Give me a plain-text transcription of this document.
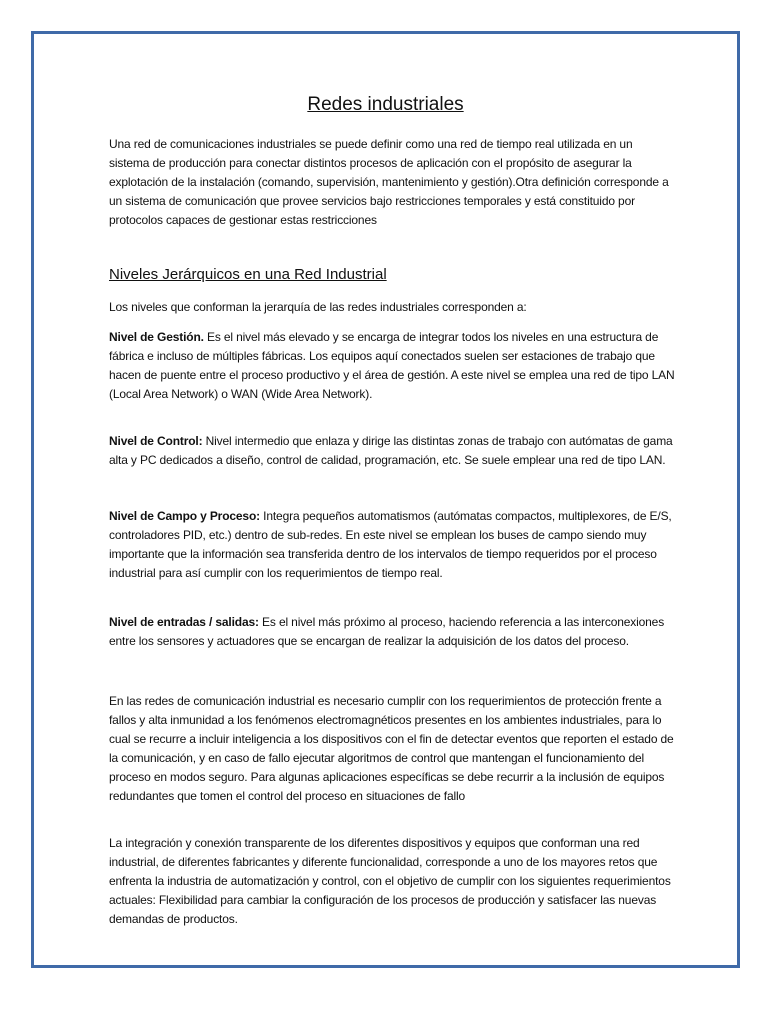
Redes industriales

Una red de comunicaciones industriales se puede definir como una red de tiempo real utilizada en un sistema de producción para conectar distintos procesos de aplicación con el propósito de asegurar la explotación de la instalación (comando, supervisión, mantenimiento y gestión).Otra definición corresponde a un sistema de comunicación que provee servicios bajo restricciones temporales y está constituido por protocolos capaces de gestionar estas restricciones

Niveles Jerárquicos en una Red Industrial

Los niveles que conforman la jerarquía de las redes industriales corresponden a:

Nivel de Gestión. Es el nivel más elevado y se encarga de integrar todos los niveles en una estructura de fábrica e incluso de múltiples fábricas. Los equipos aquí conectados suelen ser estaciones de trabajo que hacen de puente entre el proceso productivo y el área de gestión. A este nivel se emplea una red de tipo LAN (Local Area Network) o WAN (Wide Area Network).

Nivel de Control: Nivel intermedio que enlaza y dirige las distintas zonas de trabajo con autómatas de gama alta y PC dedicados a diseño, control de calidad, programación, etc. Se suele emplear una red de tipo LAN.

Nivel de Campo y Proceso: Integra pequeños automatismos (autómatas compactos, multiplexores, de E/S, controladores PID, etc.) dentro de sub-redes. En este nivel se emplean los buses de campo siendo muy importante que la información sea transferida dentro de los intervalos de tiempo requeridos por el proceso industrial para así cumplir con los requerimientos de tiempo real.

Nivel de entradas / salidas: Es el nivel más próximo al proceso, haciendo referencia a las interconexiones entre los sensores y actuadores que se encargan de realizar la adquisición de los datos del proceso.

En las redes de comunicación industrial es necesario cumplir con los requerimientos de protección frente a fallos y alta inmunidad a los fenómenos electromagnéticos presentes en los ambientes industriales, para lo cual se recurre a incluir inteligencia a los dispositivos con el fin de detectar eventos que reporten el estado de la comunicación, y en caso de fallo ejecutar algoritmos de control que mantengan el funcionamiento del proceso en modos seguro. Para algunas aplicaciones específicas se debe recurrir a la inclusión de equipos redundantes que tomen el control del proceso en situaciones de fallo

La integración y conexión transparente de los diferentes dispositivos y equipos que conforman una red industrial, de diferentes fabricantes y diferente funcionalidad, corresponde a uno de los mayores retos que enfrenta la industria de automatización y control, con el objetivo de cumplir con los siguientes requerimientos actuales: Flexibilidad para cambiar la configuración de los procesos de producción y satisfacer las nuevas demandas de productos.
